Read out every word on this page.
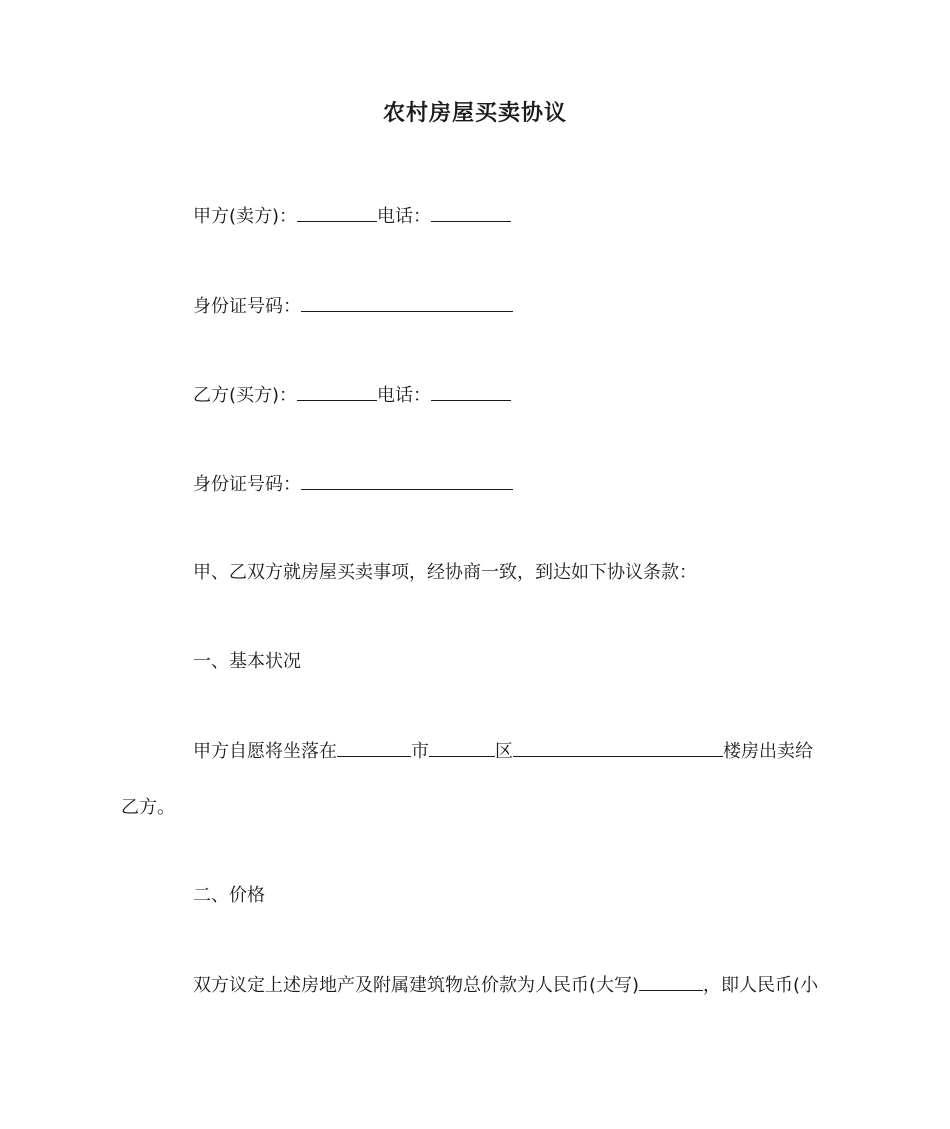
农村房屋买卖协议
甲方(卖方)：	电话：
身份证号码：
乙方(买方)：	电话：
身份证号码：
甲、乙双方就房屋买卖事项，经协商一致，到达如下协议条款：
一、基本状况
甲方自愿将坐落在	市	区	楼房出卖给
乙方。
二、价格
双方议定上述房地产及附属建筑物总价款为人民币(大写)	，即人民币(小
